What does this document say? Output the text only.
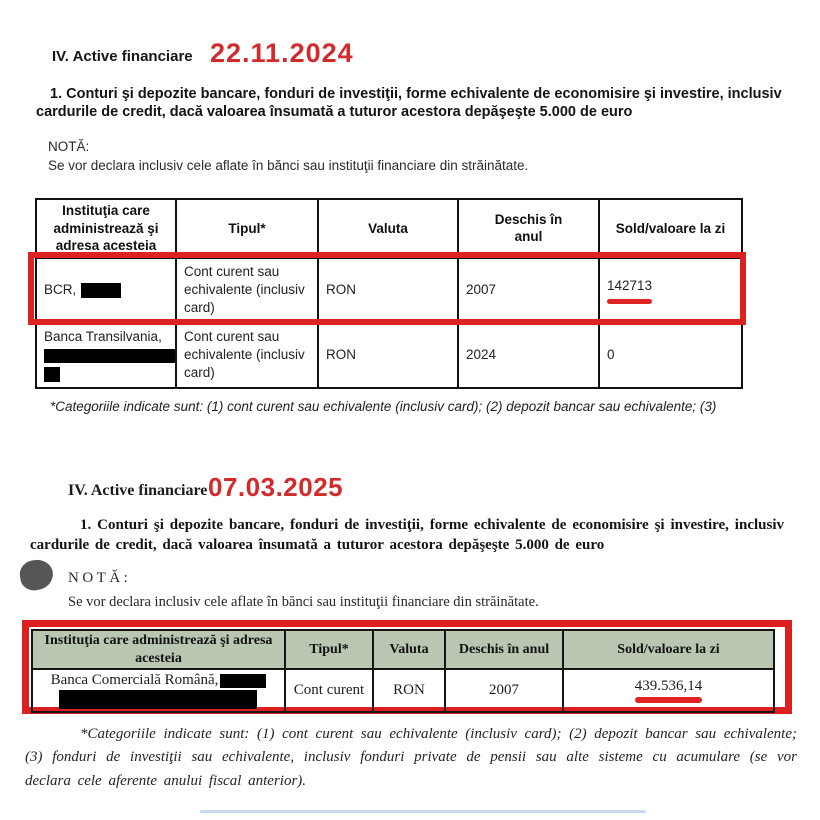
IV. Active financiare 22.11.2024
1. Conturi şi depozite bancare, fonduri de investiţii, forme echivalente de economisire şi investire, inclusiv cardurile de credit, dacă valoarea însumată a tuturor acestora depăşeşte 5.000 de euro
NOTĂ:
Se vor declara inclusiv cele aflate în bănci sau instituţii financiare din străinătate.
Instituţia care administrează şi adresa acesteia	Tipul*	Valuta	Deschis în anul	Sold/valoare la zi
BCR,	Cont curent sau echivalente (inclusiv card)	RON	2007	142713
Banca Transilvania,	Cont curent sau echivalente (inclusiv card)	RON	2024	0
*Categoriile indicate sunt: (1) cont curent sau echivalente (inclusiv card); (2) depozit bancar sau echivalente; (3)
IV. Active financiare 07.03.2025
1. Conturi şi depozite bancare, fonduri de investiţii, forme echivalente de economisire şi investire, inclusiv cardurile de credit, dacă valoarea însumată a tuturor acestora depăşeşte 5.000 de euro
NOTĂ:
Se vor declara inclusiv cele aflate în bănci sau instituţii financiare din străinătate.
Instituţia care administrează şi adresa acesteia	Tipul*	Valuta	Deschis în anul	Sold/valoare la zi
Banca Comercială Română,	Cont curent	RON	2007	439.536,14
*Categoriile indicate sunt: (1) cont curent sau echivalente (inclusiv card); (2) depozit bancar sau echivalente; (3) fonduri de investiţii sau echivalente, inclusiv fonduri private de pensii sau alte sisteme cu acumulare (se vor declara cele aferente anului fiscal anterior).
